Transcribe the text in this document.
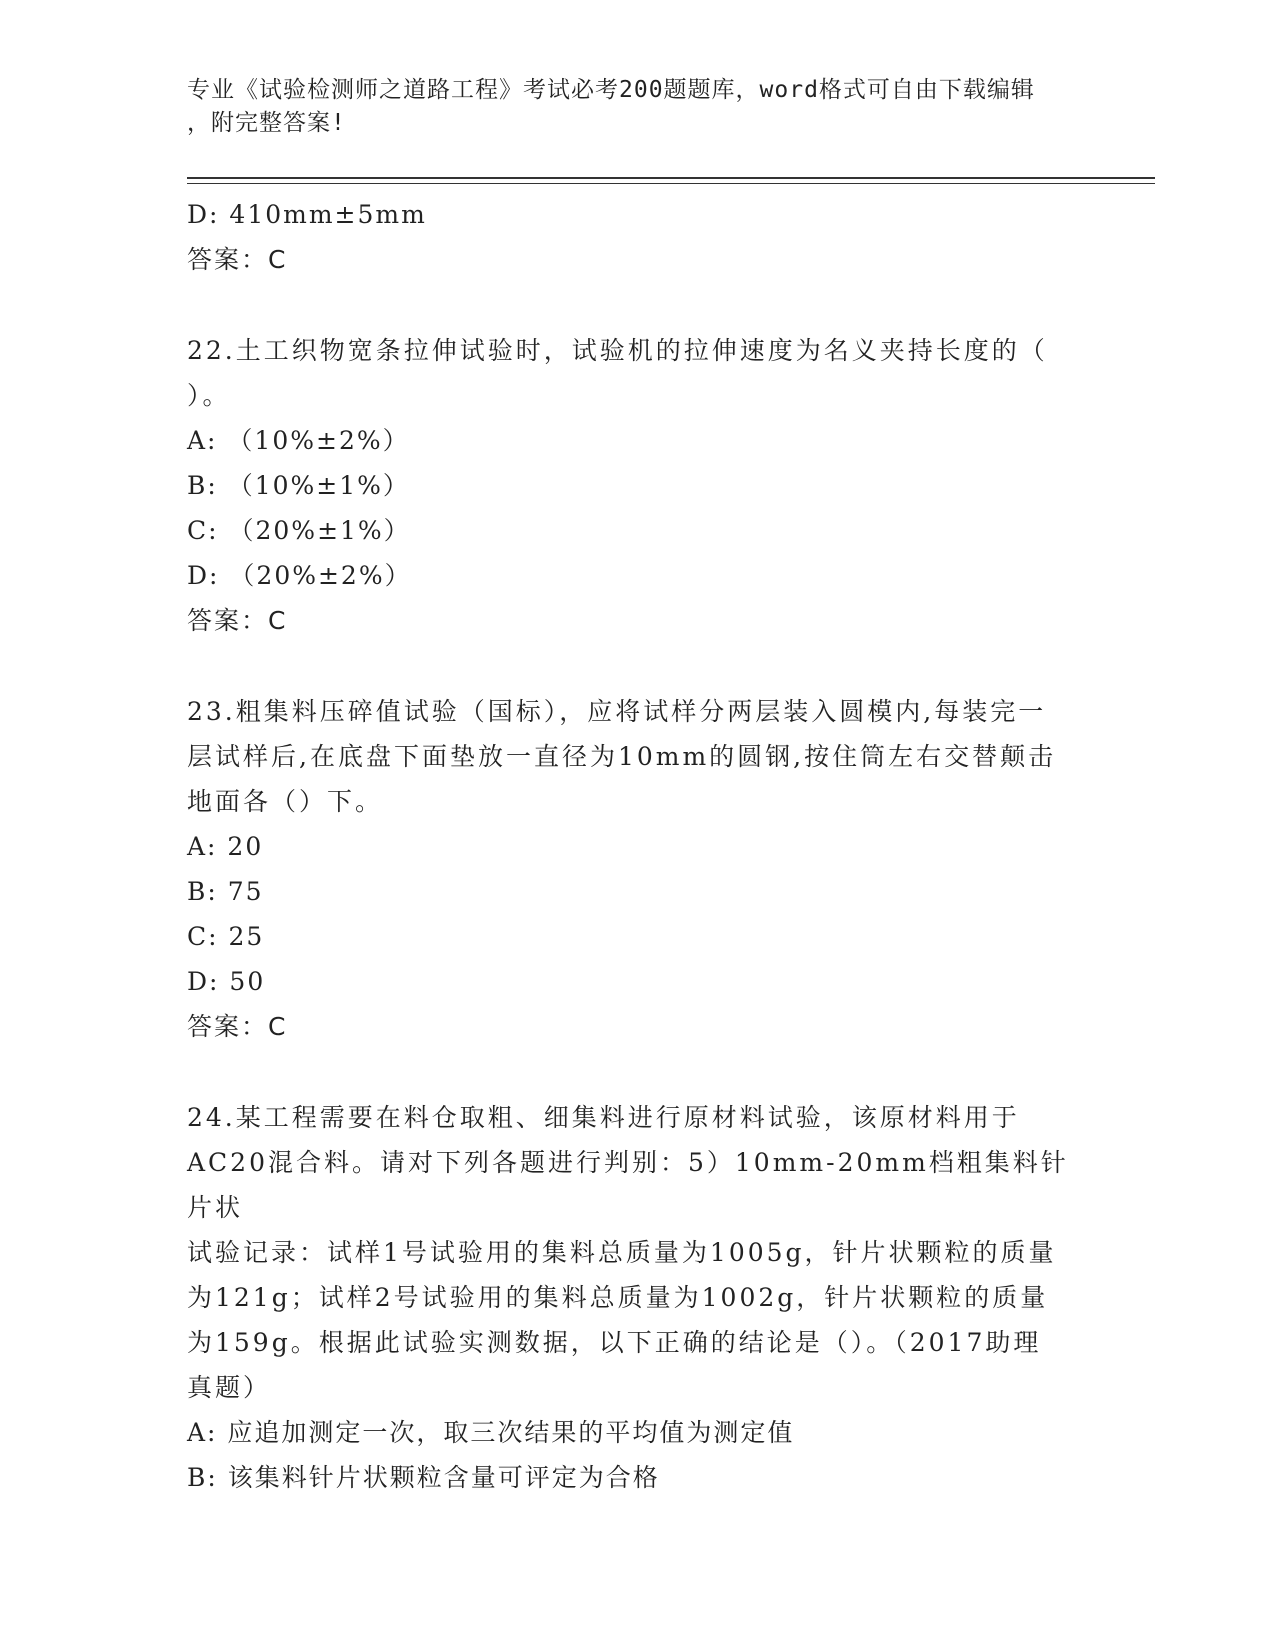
专业《试验检测师之道路工程》考试必考200题题库，word格式可自由下载编辑
，附完整答案!

D: 410mm±5mm

答案：C

22.土工织物宽条拉伸试验时，试验机的拉伸速度为名义夹持长度的（

）。

A: （10%±2%）

B: （10%±1%）

C: （20%±1%）

D: （20%±2%）

答案：C

23.粗集料压碎值试验（国标），应将试样分两层装入圆模内,每装完一

层试样后,在底盘下面垫放一直径为10mm的圆钢,按住筒左右交替颠击

地面各（）下。

A: 20

B: 75

C: 25

D: 50

答案：C

24.某工程需要在料仓取粗、细集料进行原材料试验，该原材料用于

AC20混合料。请对下列各题进行判别：5）10mm-20mm档粗集料针片状

试验记录：试样1号试验用的集料总质量为1005g，针片状颗粒的质量

为121g；试样2号试验用的集料总质量为1002g，针片状颗粒的质量

为159g。根据此试验实测数据，以下正确的结论是（）。（2017助理

真题）

A: 应追加测定一次，取三次结果的平均值为测定值

B: 该集料针片状颗粒含量可评定为合格
